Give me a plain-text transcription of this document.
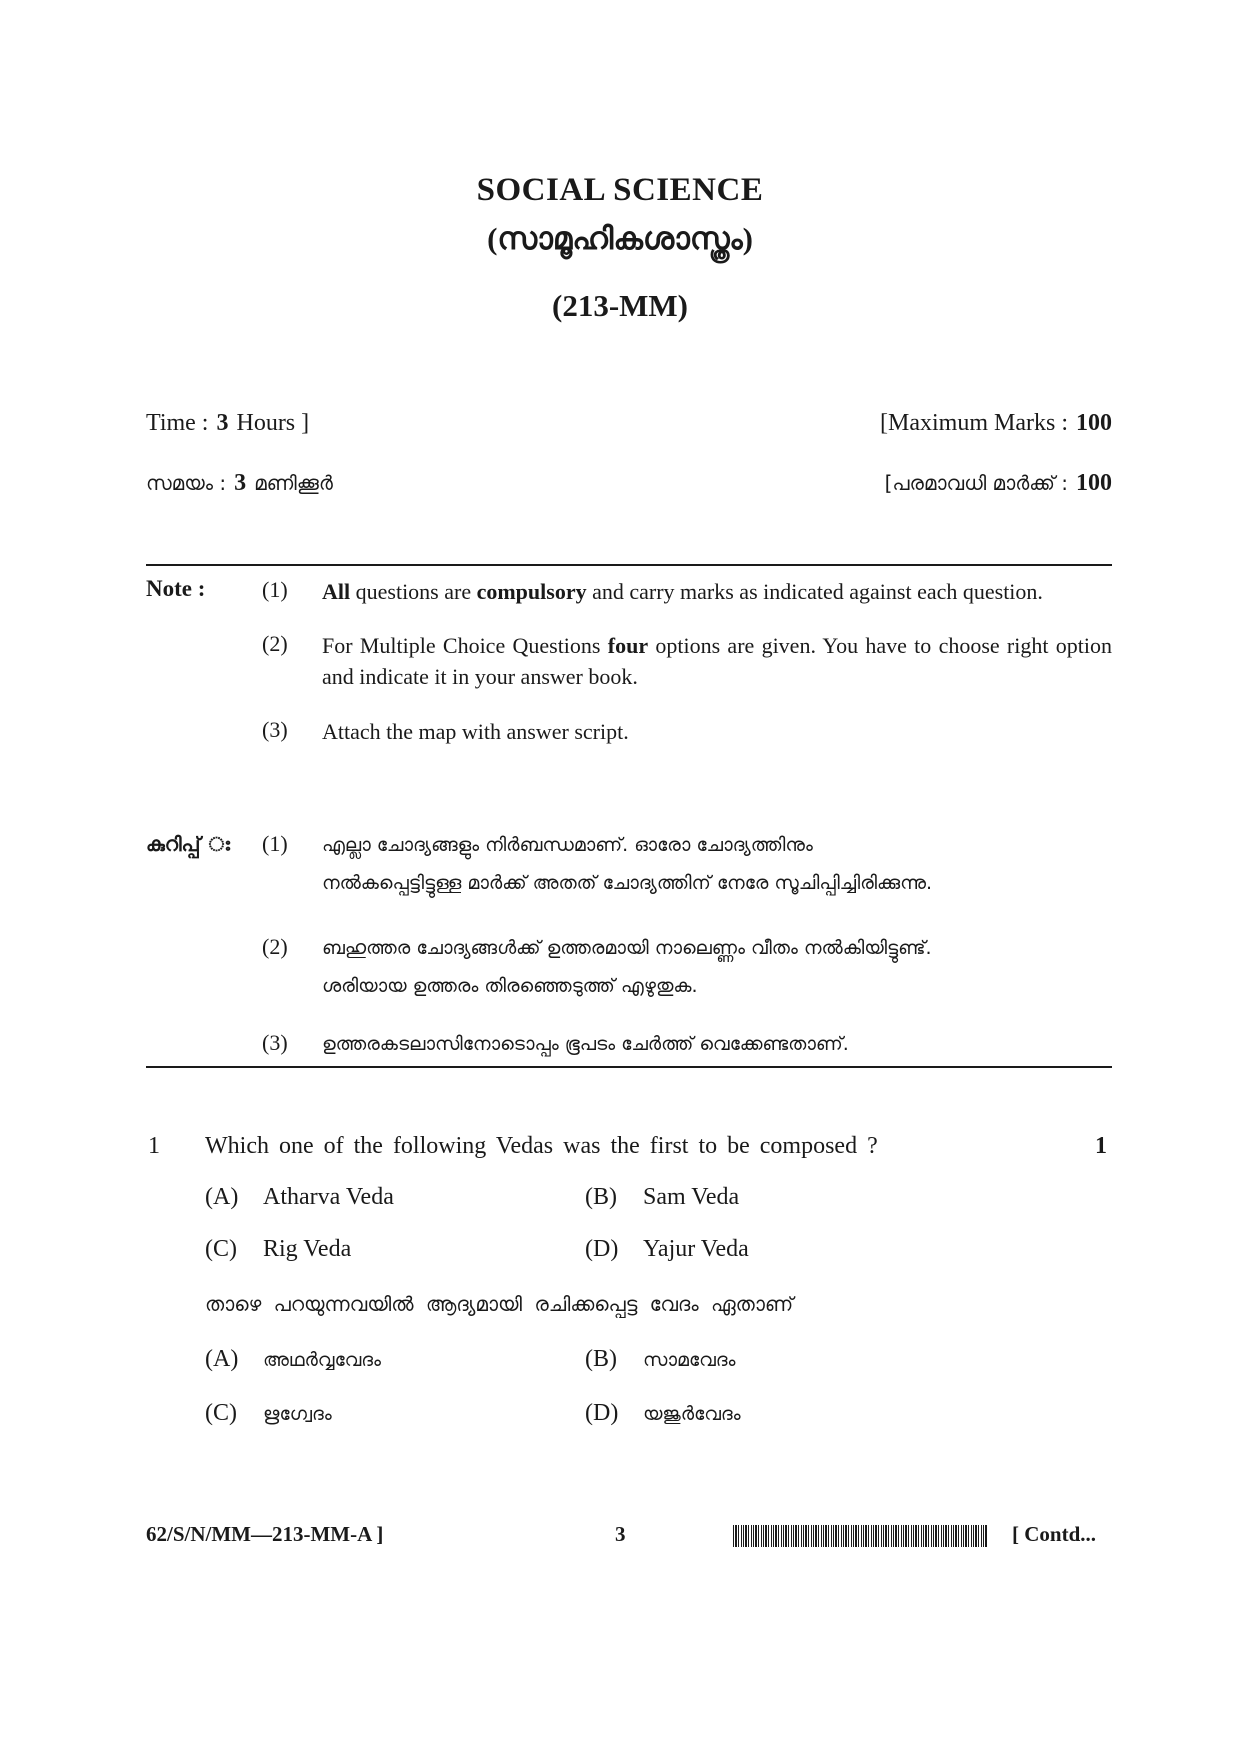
SOCIAL SCIENCE
(സാമൂഹികശാസ്ത്രം)
(213-MM)
Time : 3 Hours ]	[Maximum Marks : 100
സമയം : 3 മണിക്കൂർ	[പരമാവധി മാർക്ക് : 100
Note :	(1) All questions are compulsory and carry marks as indicated against each question.
(2) For Multiple Choice Questions four options are given. You have to choose right option and indicate it in your answer book.
(3) Attach the map with answer script.
കുറിപ്പ് ഃ (1) എല്ലാ ചോദ്യങ്ങളും നിർബന്ധമാണ്. ഓരോ ചോദ്യത്തിനും
നൽകപ്പെട്ടിട്ടുള്ള മാർക്ക് അതത് ചോദ്യത്തിന് നേരേ സൂചിപ്പിച്ചിരിക്കുന്നു.
(2) ബഹുത്തര ചോദ്യങ്ങൾക്ക് ഉത്തരമായി നാലെണ്ണം വീതം നൽകിയിട്ടുണ്ട്.
ശരിയായ ഉത്തരം തിരഞ്ഞെടുത്ത് എഴുതുക.
(3) ഉത്തരകടലാസിനോടൊപ്പം ഭൂപടം ചേർത്ത് വെക്കേണ്ടതാണ്.
1 Which one of the following Vedas was the first to be composed ?	1
(A) Atharva Veda	(B) Sam Veda
(C) Rig Veda	(D) Yajur Veda
താഴെ പറയുന്നവയിൽ ആദ്യമായി രചിക്കപ്പെട്ട വേദം ഏതാണ്
(A) അഥർവ്വവേദം	(B) സാമവേദം
(C) ഋഗ്വേദം	(D) യജുർവേദം
62/S/N/MM—213-MM-A ]	3	[ Contd...
